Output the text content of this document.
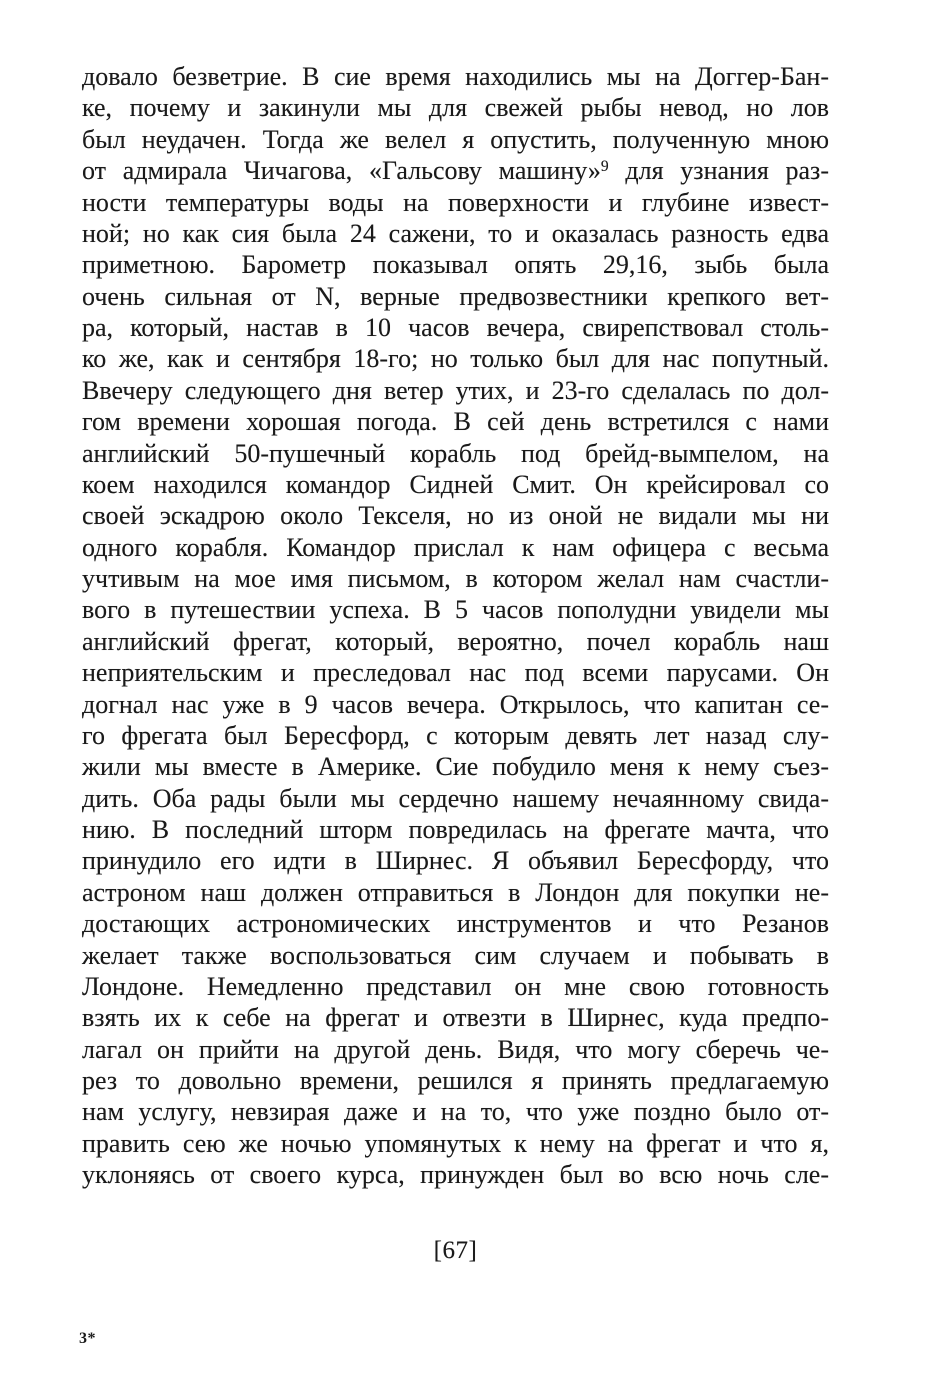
довало безветрие. В сие время находились мы на Доггер-Бан-
ке, почему и закинули мы для свежей рыбы невод, но лов
был неудачен. Тогда же велел я опустить, полученную мною
от адмирала Чичагова, «Гальсову машину»$^9$ для узнания раз-
ности температуры воды на поверхности и глубине извест-
ной; но как сия была 24 сажени, то и оказалась разность едва
приметною. Барометр показывал опять 29,16, зыбь была
очень сильная от N, верные предвозвестники крепкого вет-
ра, который, настав в 10 часов вечера, свирепствовал столь-
ко же, как и сентября 18-го; но только был для нас попутный.
Ввечеру следующего дня ветер утих, и 23-го сделалась по дол-
гом времени хорошая погода. В сей день встретился с нами
английский 50-пушечный корабль под брейд-вымпелом, на
коем находился командор Сидней Смит. Он крейсировал со
своей эскадрою около Текселя, но из оной не видали мы ни
одного корабля. Командор прислал к нам офицера с весьма
учтивым на мое имя письмом, в котором желал нам счастли-
вого в путешествии успеха. В 5 часов пополудни увидели мы
английский фрегат, который, вероятно, почел корабль наш
неприятельским и преследовал нас под всеми парусами. Он
догнал нас уже в 9 часов вечера. Открылось, что капитан се-
го фрегата был Бересфорд, с которым девять лет назад слу-
жили мы вместе в Америке. Сие побудило меня к нему съез-
дить. Оба рады были мы сердечно нашему нечаянному свида-
нию. В последний шторм повредилась на фрегате мачта, что
принудило его идти в Ширнес. Я объявил Бересфорду, что
астроном наш должен отправиться в Лондон для покупки не-
достающих астрономических инструментов и что Резанов
желает также воспользоваться сим случаем и побывать в
Лондоне. Немедленно представил он мне свою готовность
взять их к себе на фрегат и отвезти в Ширнес, куда предпо-
лагал он прийти на другой день. Видя, что могу сберечь че-
рез то довольно времени, решился я принять предлагаемую
нам услугу, невзирая даже и на то, что уже поздно было от-
править сею же ночью упомянутых к нему на фрегат и что я,
уклоняясь от своего курса, принужден был во всю ночь сле-
[67]
3*
